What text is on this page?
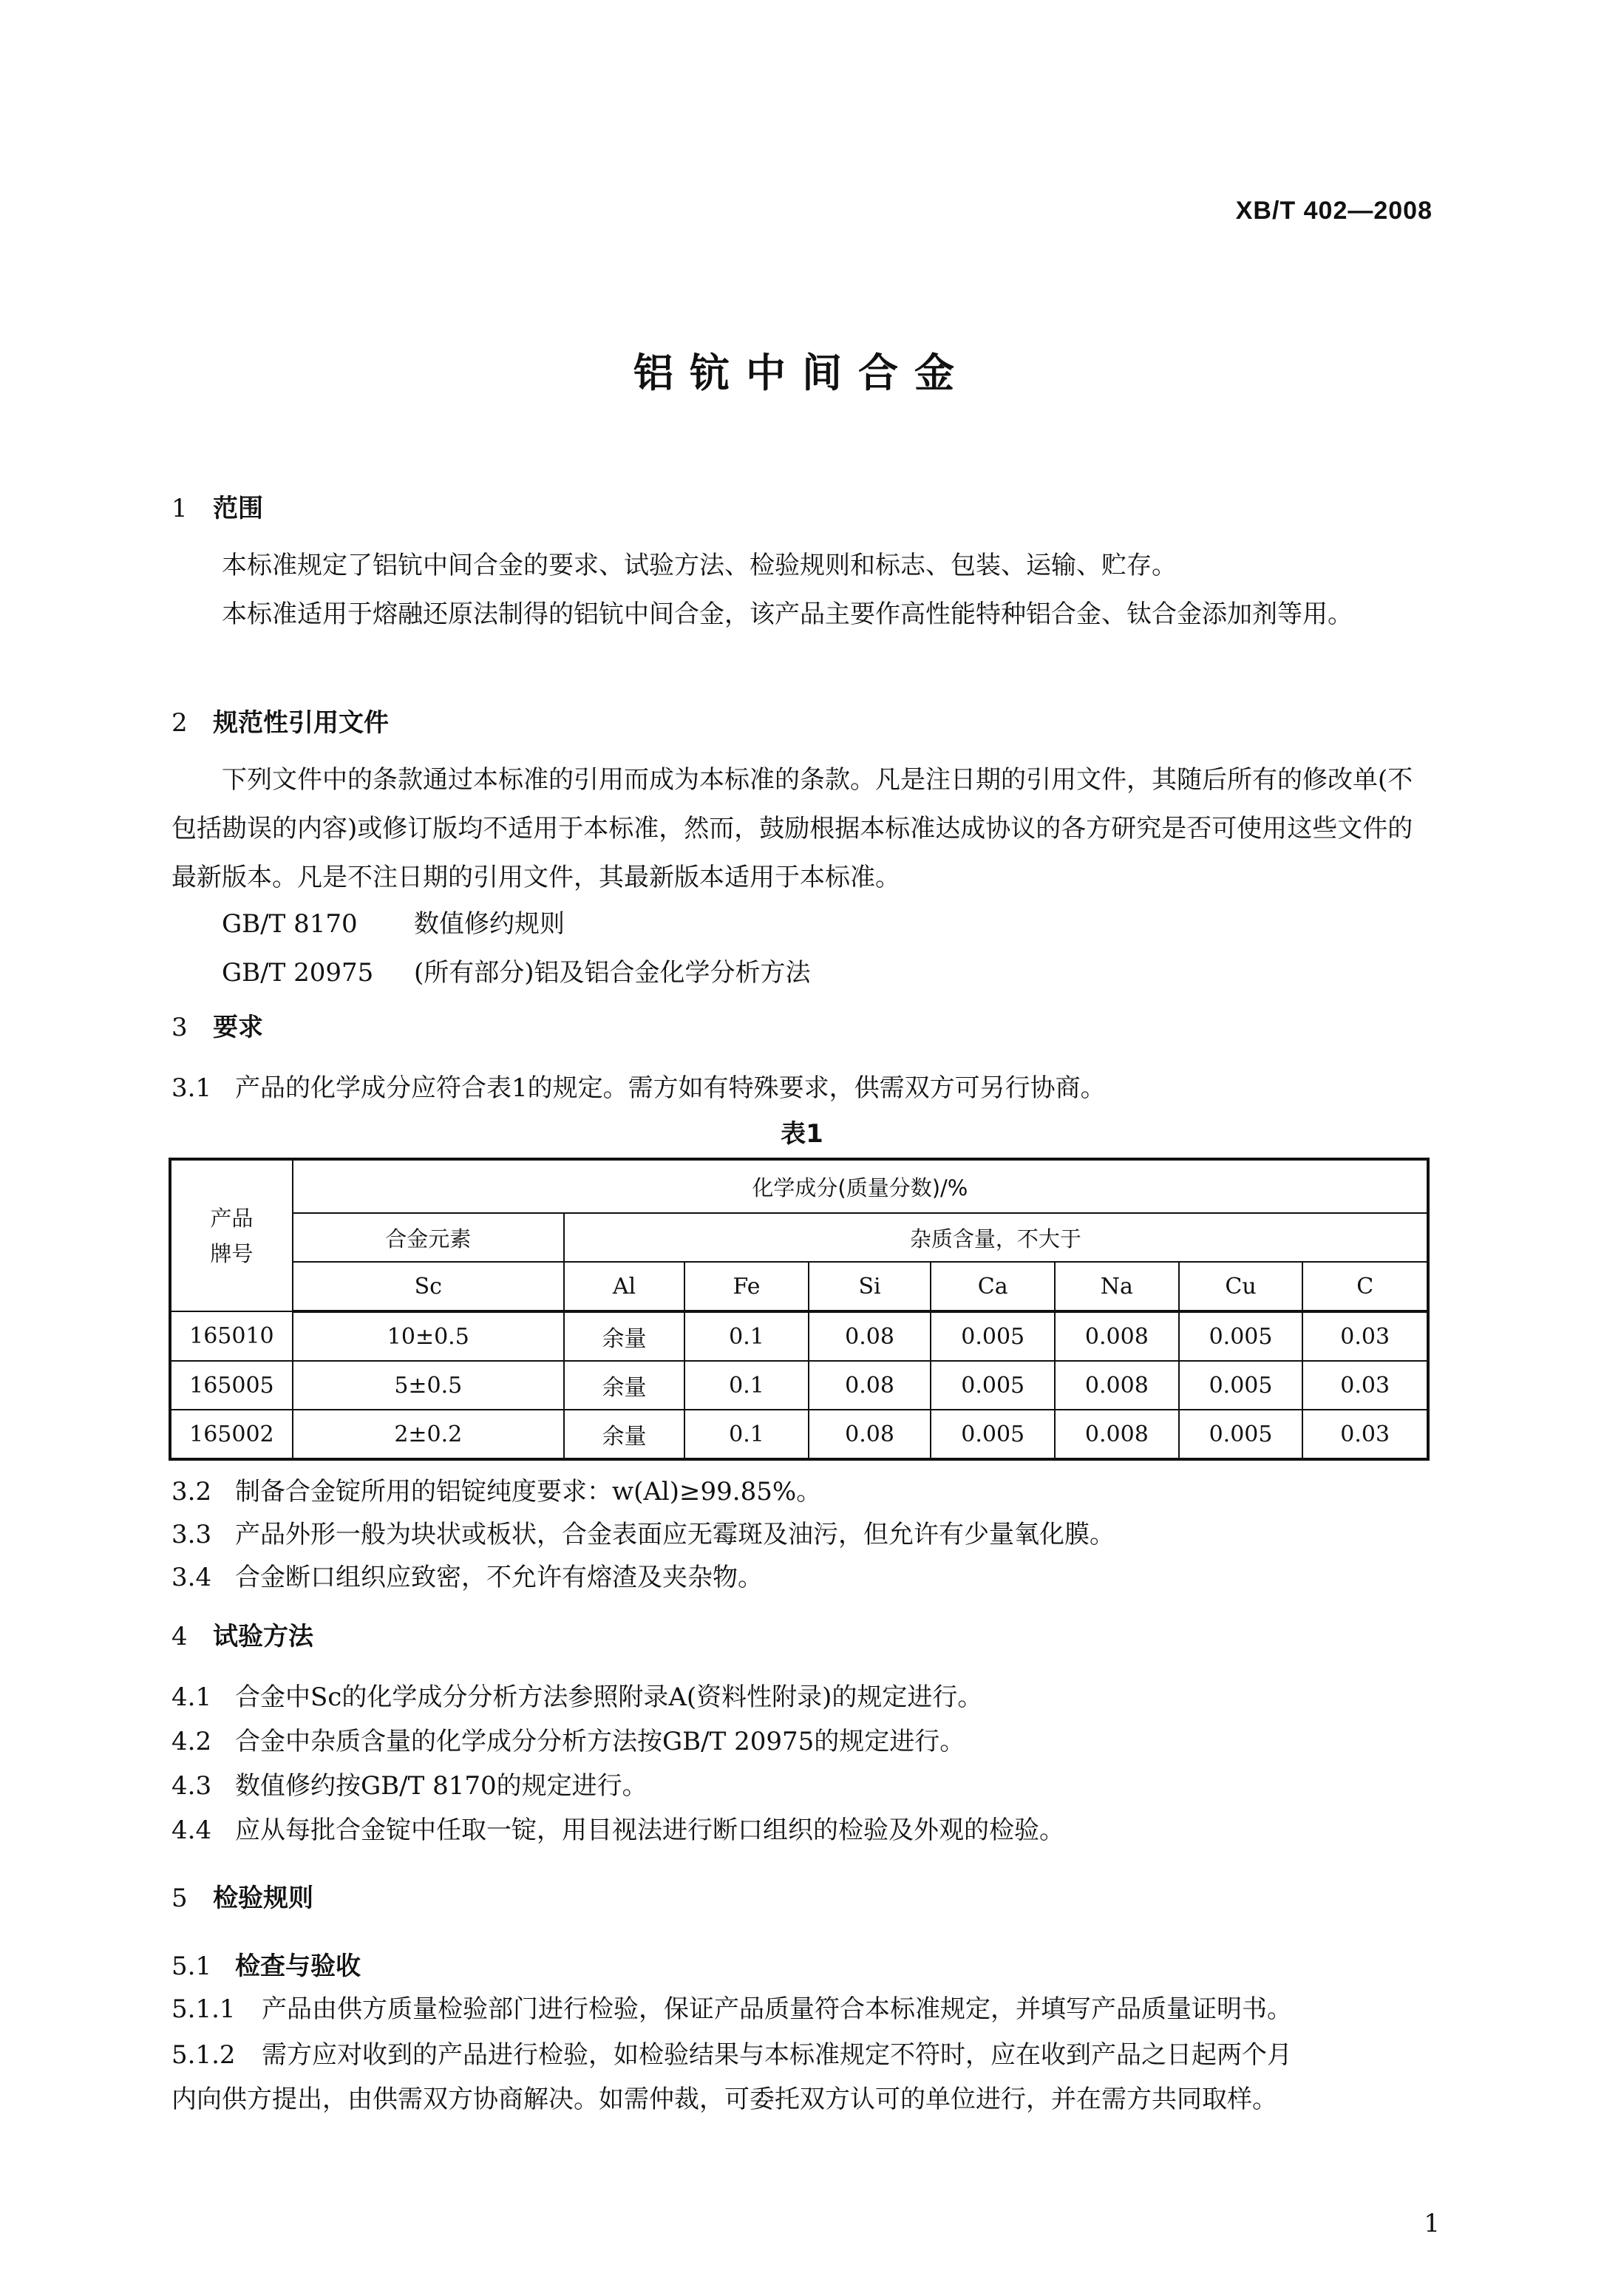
XB/T 402—2008
铝钪中间合金
1 范围
本标准规定了铝钪中间合金的要求、试验方法、检验规则和标志、包装、运输、贮存。
本标准适用于熔融还原法制得的铝钪中间合金，该产品主要作高性能特种铝合金、钛合金添加剂等用。
2 规范性引用文件
下列文件中的条款通过本标准的引用而成为本标准的条款。凡是注日期的引用文件，其随后所有的修改单(不包括勘误的内容)或修订版均不适用于本标准，然而，鼓励根据本标准达成协议的各方研究是否可使用这些文件的最新版本。凡是不注日期的引用文件，其最新版本适用于本标准。
GB/T 8170 数值修约规则
GB/T 20975 (所有部分)铝及铝合金化学分析方法
3 要求
3.1 产品的化学成分应符合表1的规定。需方如有特殊要求，供需双方可另行协商。
表1
产品
牌号	化学成分(质量分数)/%							
	合金元素	杂质含量，不大于						
	Sc	Al	Fe	Si	Ca	Na	Cu	C
165010	10±0.5	余量	0.1	0.08	0.005	0.008	0.005	0.03
165005	5±0.5	余量	0.1	0.08	0.005	0.008	0.005	0.03
165002	2±0.2	余量	0.1	0.08	0.005	0.008	0.005	0.03
3.2 制备合金锭所用的铝锭纯度要求：w(Al)≥99.85%。
3.3 产品外形一般为块状或板状，合金表面应无霉斑及油污，但允许有少量氧化膜。
3.4 合金断口组织应致密，不允许有熔渣及夹杂物。
4 试验方法
4.1 合金中Sc的化学成分分析方法参照附录A(资料性附录)的规定进行。
4.2 合金中杂质含量的化学成分分析方法按GB/T 20975的规定进行。
4.3 数值修约按GB/T 8170的规定进行。
4.4 应从每批合金锭中任取一锭，用目视法进行断口组织的检验及外观的检验。
5 检验规则
5.1 检查与验收
5.1.1 产品由供方质量检验部门进行检验，保证产品质量符合本标准规定，并填写产品质量证明书。
5.1.2 需方应对收到的产品进行检验，如检验结果与本标准规定不符时，应在收到产品之日起两个月
内向供方提出，由供需双方协商解决。如需仲裁，可委托双方认可的单位进行，并在需方共同取样。
1
